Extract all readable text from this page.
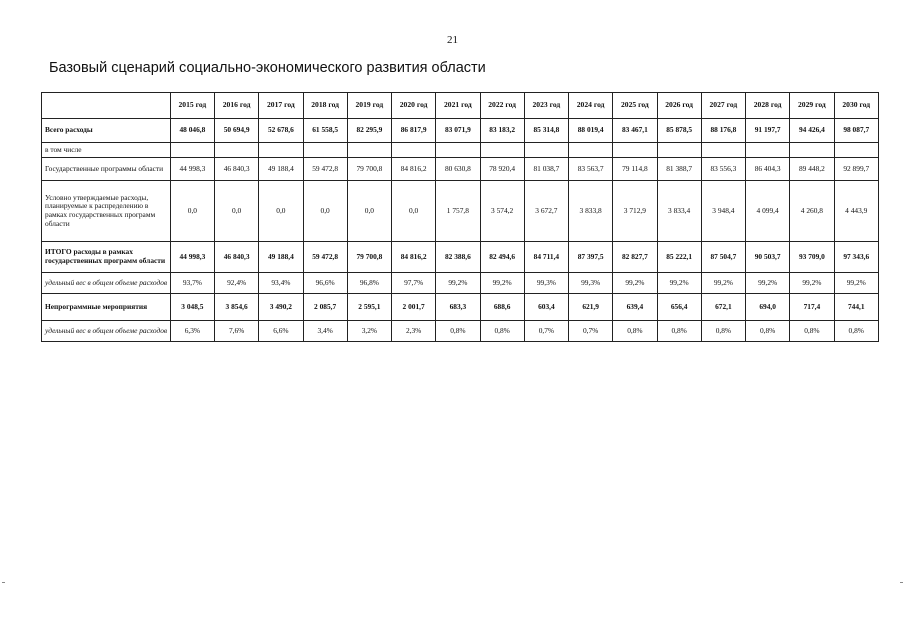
21
Базовый сценарий социально-экономического развития области
	2015 год	2016 год	2017 год	2018 год	2019 год	2020 год	2021 год	2022 год	2023 год	2024 год	2025 год	2026 год	2027 год	2028 год	2029 год	2030 год
Всего расходы	48 046,8	50 694,9	52 678,6	61 558,5	82 295,9	86 817,9	83 071,9	83 183,2	85 314,8	88 019,4	83 467,1	85 878,5	88 176,8	91 197,7	94 426,4	98 087,7
в том числе																
Государственные программы области	44 998,3	46 840,3	49 188,4	59 472,8	79 700,8	84 816,2	80 630,8	78 920,4	81 038,7	83 563,7	79 114,8	81 388,7	83 556,3	86 404,3	89 448,2	92 899,7
Условно утверждаемые расходы, планируемые к распределению в рамках государственных программ области	0,0	0,0	0,0	0,0	0,0	0,0	1 757,8	3 574,2	3 672,7	3 833,8	3 712,9	3 833,4	3 948,4	4 099,4	4 260,8	4 443,9
ИТОГО расходы в рамках государственных программ области	44 998,3	46 840,3	49 188,4	59 472,8	79 700,8	84 816,2	82 388,6	82 494,6	84 711,4	87 397,5	82 827,7	85 222,1	87 504,7	90 503,7	93 709,0	97 343,6
удельный вес в общем объеме расходов	93,7%	92,4%	93,4%	96,6%	96,8%	97,7%	99,2%	99,2%	99,3%	99,3%	99,2%	99,2%	99,2%	99,2%	99,2%	99,2%
Непрограммные мероприятия	3 048,5	3 854,6	3 490,2	2 085,7	2 595,1	2 001,7	683,3	688,6	603,4	621,9	639,4	656,4	672,1	694,0	717,4	744,1
удельный вес в общем объеме расходов	6,3%	7,6%	6,6%	3,4%	3,2%	2,3%	0,8%	0,8%	0,7%	0,7%	0,8%	0,8%	0,8%	0,8%	0,8%	0,8%
